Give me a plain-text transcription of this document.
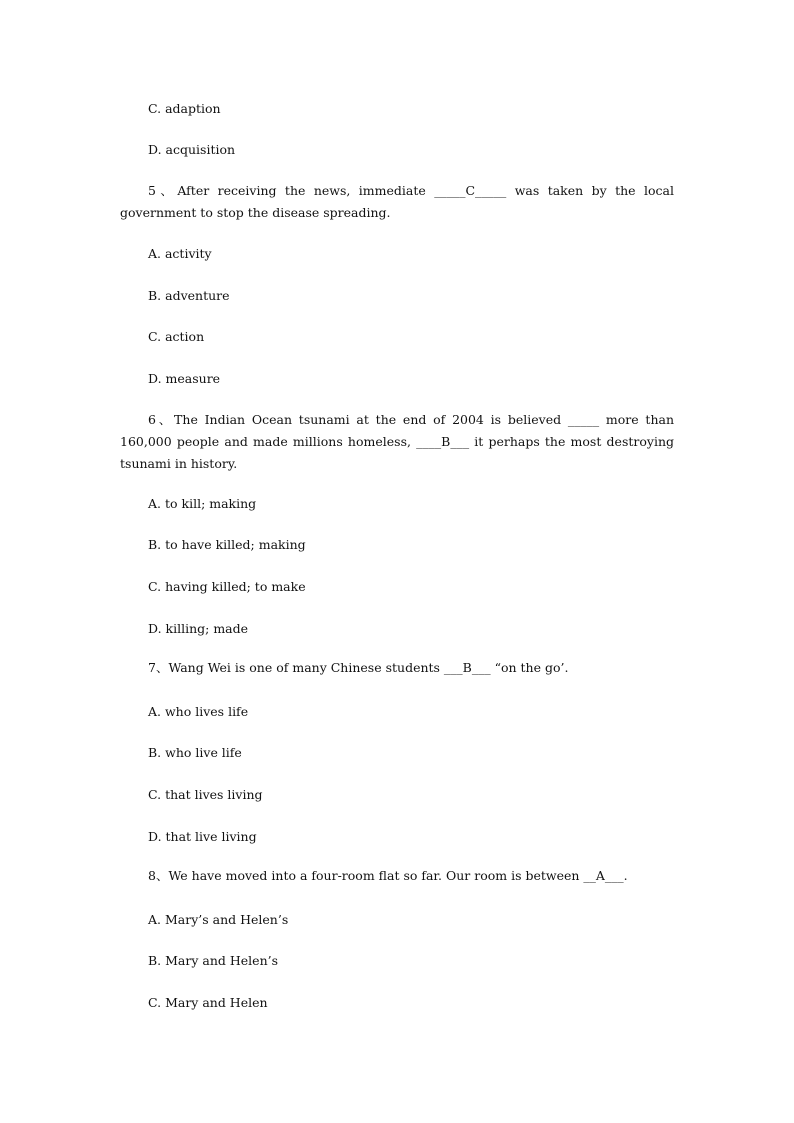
C. adaption
D. acquisition
5、After receiving the news, immediate _____C_____ was taken by the local government to stop the disease spreading.
A. activity
B. adventure
C. action
D. measure
6、The Indian Ocean tsunami at the end of 2004 is believed _____ more than 160,000 people and made millions homeless, ____B___ it perhaps the most destroying tsunami in history.
A. to kill; making
B. to have killed; making
C. having killed; to make
D. killing; made
7、Wang Wei is one of many Chinese students ___B___ “on the go’.
A. who lives life
B. who live life
C. that lives living
D. that live living
8、We have moved into a four-room flat so far. Our room is between __A___.
A. Mary’s and Helen’s
B. Mary and Helen’s
C. Mary and Helen
